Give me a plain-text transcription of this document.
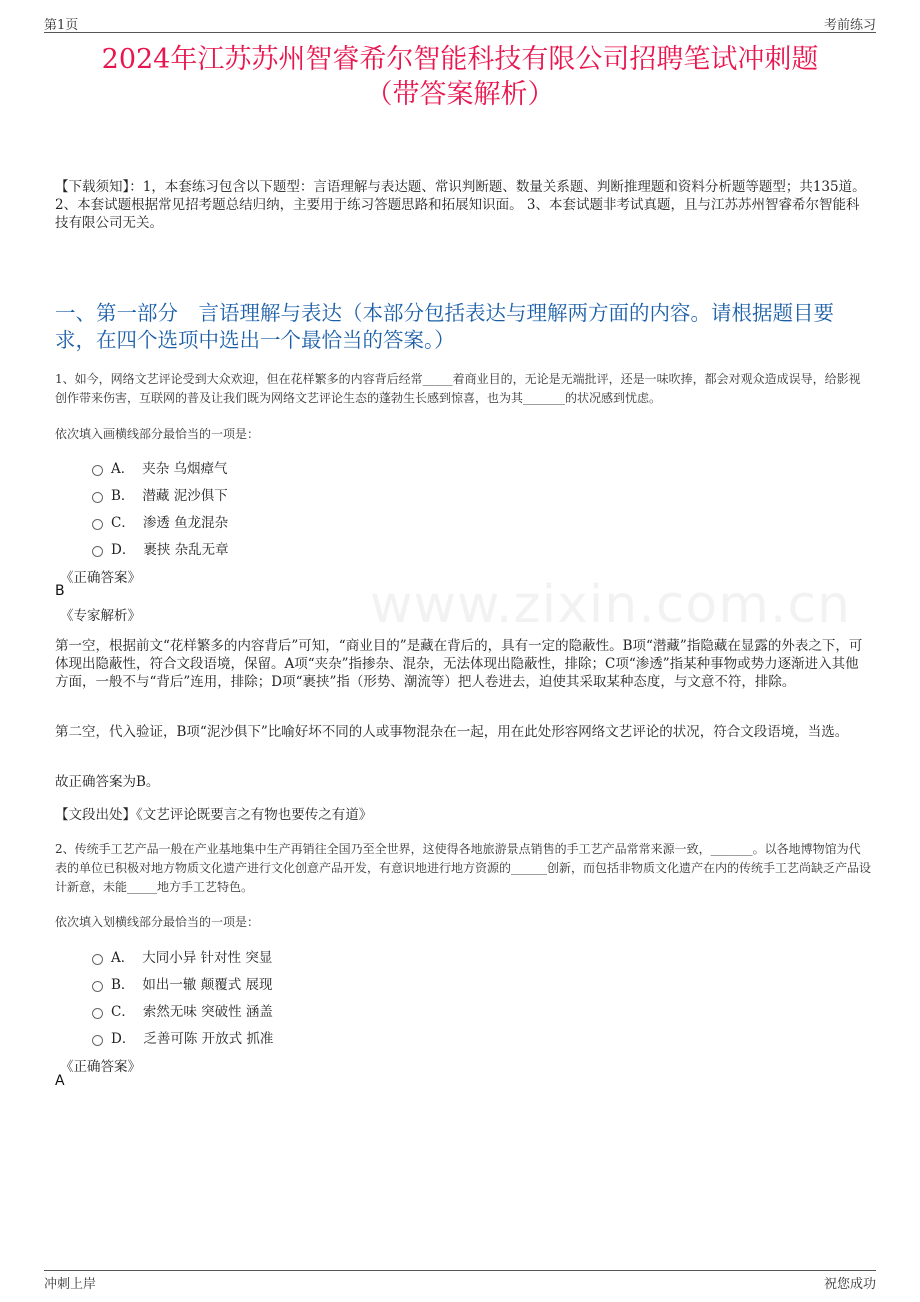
第1页	考前练习
2024年江苏苏州智睿希尔智能科技有限公司招聘笔试冲刺题
（带答案解析）
【下载须知】：1，本套练习包含以下题型：言语理解与表达题、常识判断题、数量关系题、判断推理题和资料分析题等题型；共135道。 2、本套试题根据常见招考题总结归纳，主要用于练习答题思路和拓展知识面。 3、本套试题非考试真题，且与江苏苏州智睿希尔智能科技有限公司无关。
一、第一部分　言语理解与表达（本部分包括表达与理解两方面的内容。请根据题目要求，在四个选项中选出一个最恰当的答案。）
www.zixin.com.cn
1、如今，网络文艺评论受到大众欢迎，但在花样繁多的内容背后经常_____着商业目的，无论是无端批评，还是一味吹捧，都会对观众造成误导，给影视创作带来伤害，互联网的普及让我们既为网络文艺评论生态的蓬勃生长感到惊喜，也为其_______的状况感到忧虑。
依次填入画横线部分最恰当的一项是：
A． 夹杂 乌烟瘴气
B． 潜藏 泥沙俱下
C． 渗透 鱼龙混杂
D． 裹挟 杂乱无章
《正确答案》
B
《专家解析》
第一空，根据前文“花样繁多的内容背后”可知，“商业目的”是藏在背后的，具有一定的隐蔽性。B项“潜藏”指隐藏在显露的外表之下，可体现出隐蔽性，符合文段语境，保留。A项“夹杂”指掺杂、混杂，无法体现出隐蔽性，排除；C项“渗透”指某种事物或势力逐渐进入其他方面，一般不与“背后”连用，排除；D项“裹挟”指（形势、潮流等）把人卷进去，迫使其采取某种态度，与文意不符，排除。
第二空，代入验证，B项“泥沙俱下”比喻好坏不同的人或事物混杂在一起，用在此处形容网络文艺评论的状况，符合文段语境，当选。
故正确答案为B。
【文段出处】《文艺评论既要言之有物也要传之有道》
2、传统手工艺产品一般在产业基地集中生产再销往全国乃至全世界，这使得各地旅游景点销售的手工艺产品常常来源一致，_______。以各地博物馆为代表的单位已积极对地方物质文化遗产进行文化创意产品开发，有意识地进行地方资源的______创新，而包括非物质文化遗产在内的传统手工艺尚缺乏产品设计新意，未能_____地方手工艺特色。
依次填入划横线部分最恰当的一项是：
A． 大同小异 针对性 突显
B． 如出一辙 颠覆式 展现
C． 索然无味 突破性 涵盖
D． 乏善可陈 开放式 抓准
《正确答案》
A
冲刺上岸	祝您成功
